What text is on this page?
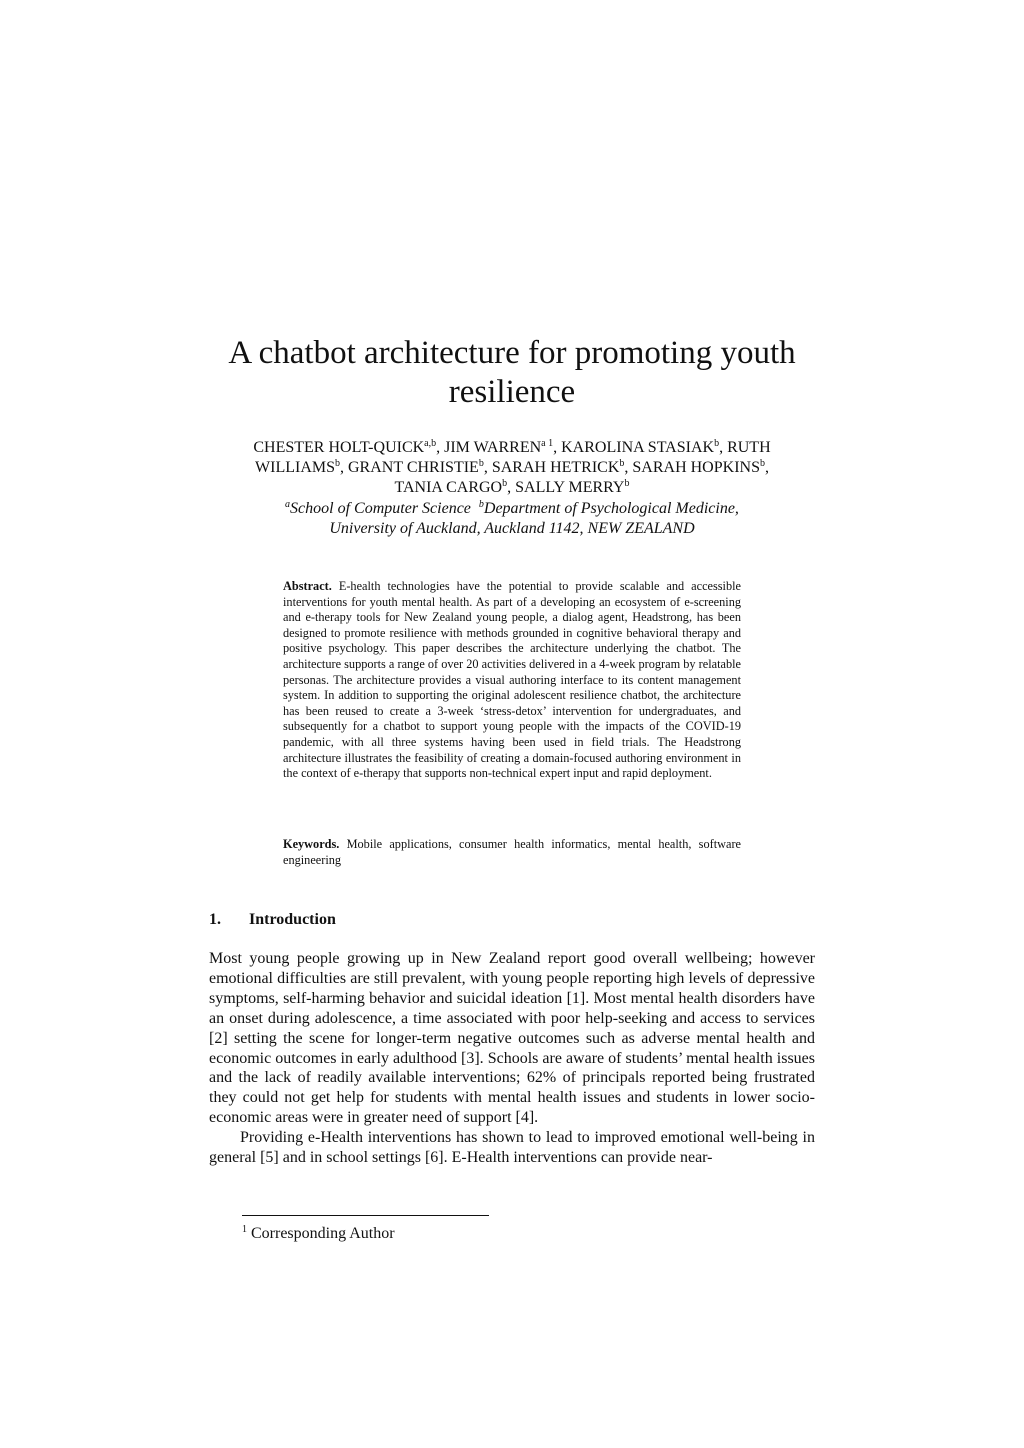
A chatbot architecture for promoting youth
resilience
CHESTER HOLT-QUICK$^{a,b}$, JIM $WARREN^{a 1}$, KAROLINA STASIAK$^b$, RUTH
WILLIAMS$^b$, GRANT CHRISTIE$^b$, SARAH HETRICK$^b$, SARAH HOPKINS$^b$,
TANIA CARGO$^b$, SALLY MERRY$^b$
$^a$School of Computer Science $^b$Department of Psychological Medicine,
University of Auckland, Auckland 1142, NEW ZEALAND

Abstract. E-health technologies have the potential to provide scalable and accessible interventions for youth mental health. As part of a developing an ecosystem of e-screening and e-therapy tools for New Zealand young people, a dialog agent, Headstrong, has been designed to promote resilience with methods grounded in cognitive behavioral therapy and positive psychology. This paper describes the architecture underlying the chatbot. The architecture supports a range of over 20 activities delivered in a 4-week program by relatable personas. The architecture provides a visual authoring interface to its content management system. In addition to supporting the original adolescent resilience chatbot, the architecture has been reused to create a 3-week ‘stress-detox’ intervention for undergraduates, and subsequently for a chatbot to support young people with the impacts of the COVID-19 pandemic, with all three systems having been used in field trials. The Headstrong architecture illustrates the feasibility of creating a domain-focused authoring environment in the context of e-therapy that supports non-technical expert input and rapid deployment.

Keywords. Mobile applications, consumer health informatics, mental health, software engineering

1. Introduction

Most young people growing up in New Zealand report good overall wellbeing; however emotional difficulties are still prevalent, with young people reporting high levels of depressive symptoms, self-harming behavior and suicidal ideation [1]. Most mental health disorders have an onset during adolescence, a time associated with poor help-seeking and access to services [2] setting the scene for longer-term negative outcomes such as adverse mental health and economic outcomes in early adulthood [3]. Schools are aware of students’ mental health issues and the lack of readily available interventions; 62% of principals reported being frustrated they could not get help for students with mental health issues and students in lower socio-economic areas were in greater need of support [4].

Providing e-Health interventions has shown to lead to improved emotional well-being in general [5] and in school settings [6]. E-Health interventions can provide near-

$^1$ Corresponding Author
